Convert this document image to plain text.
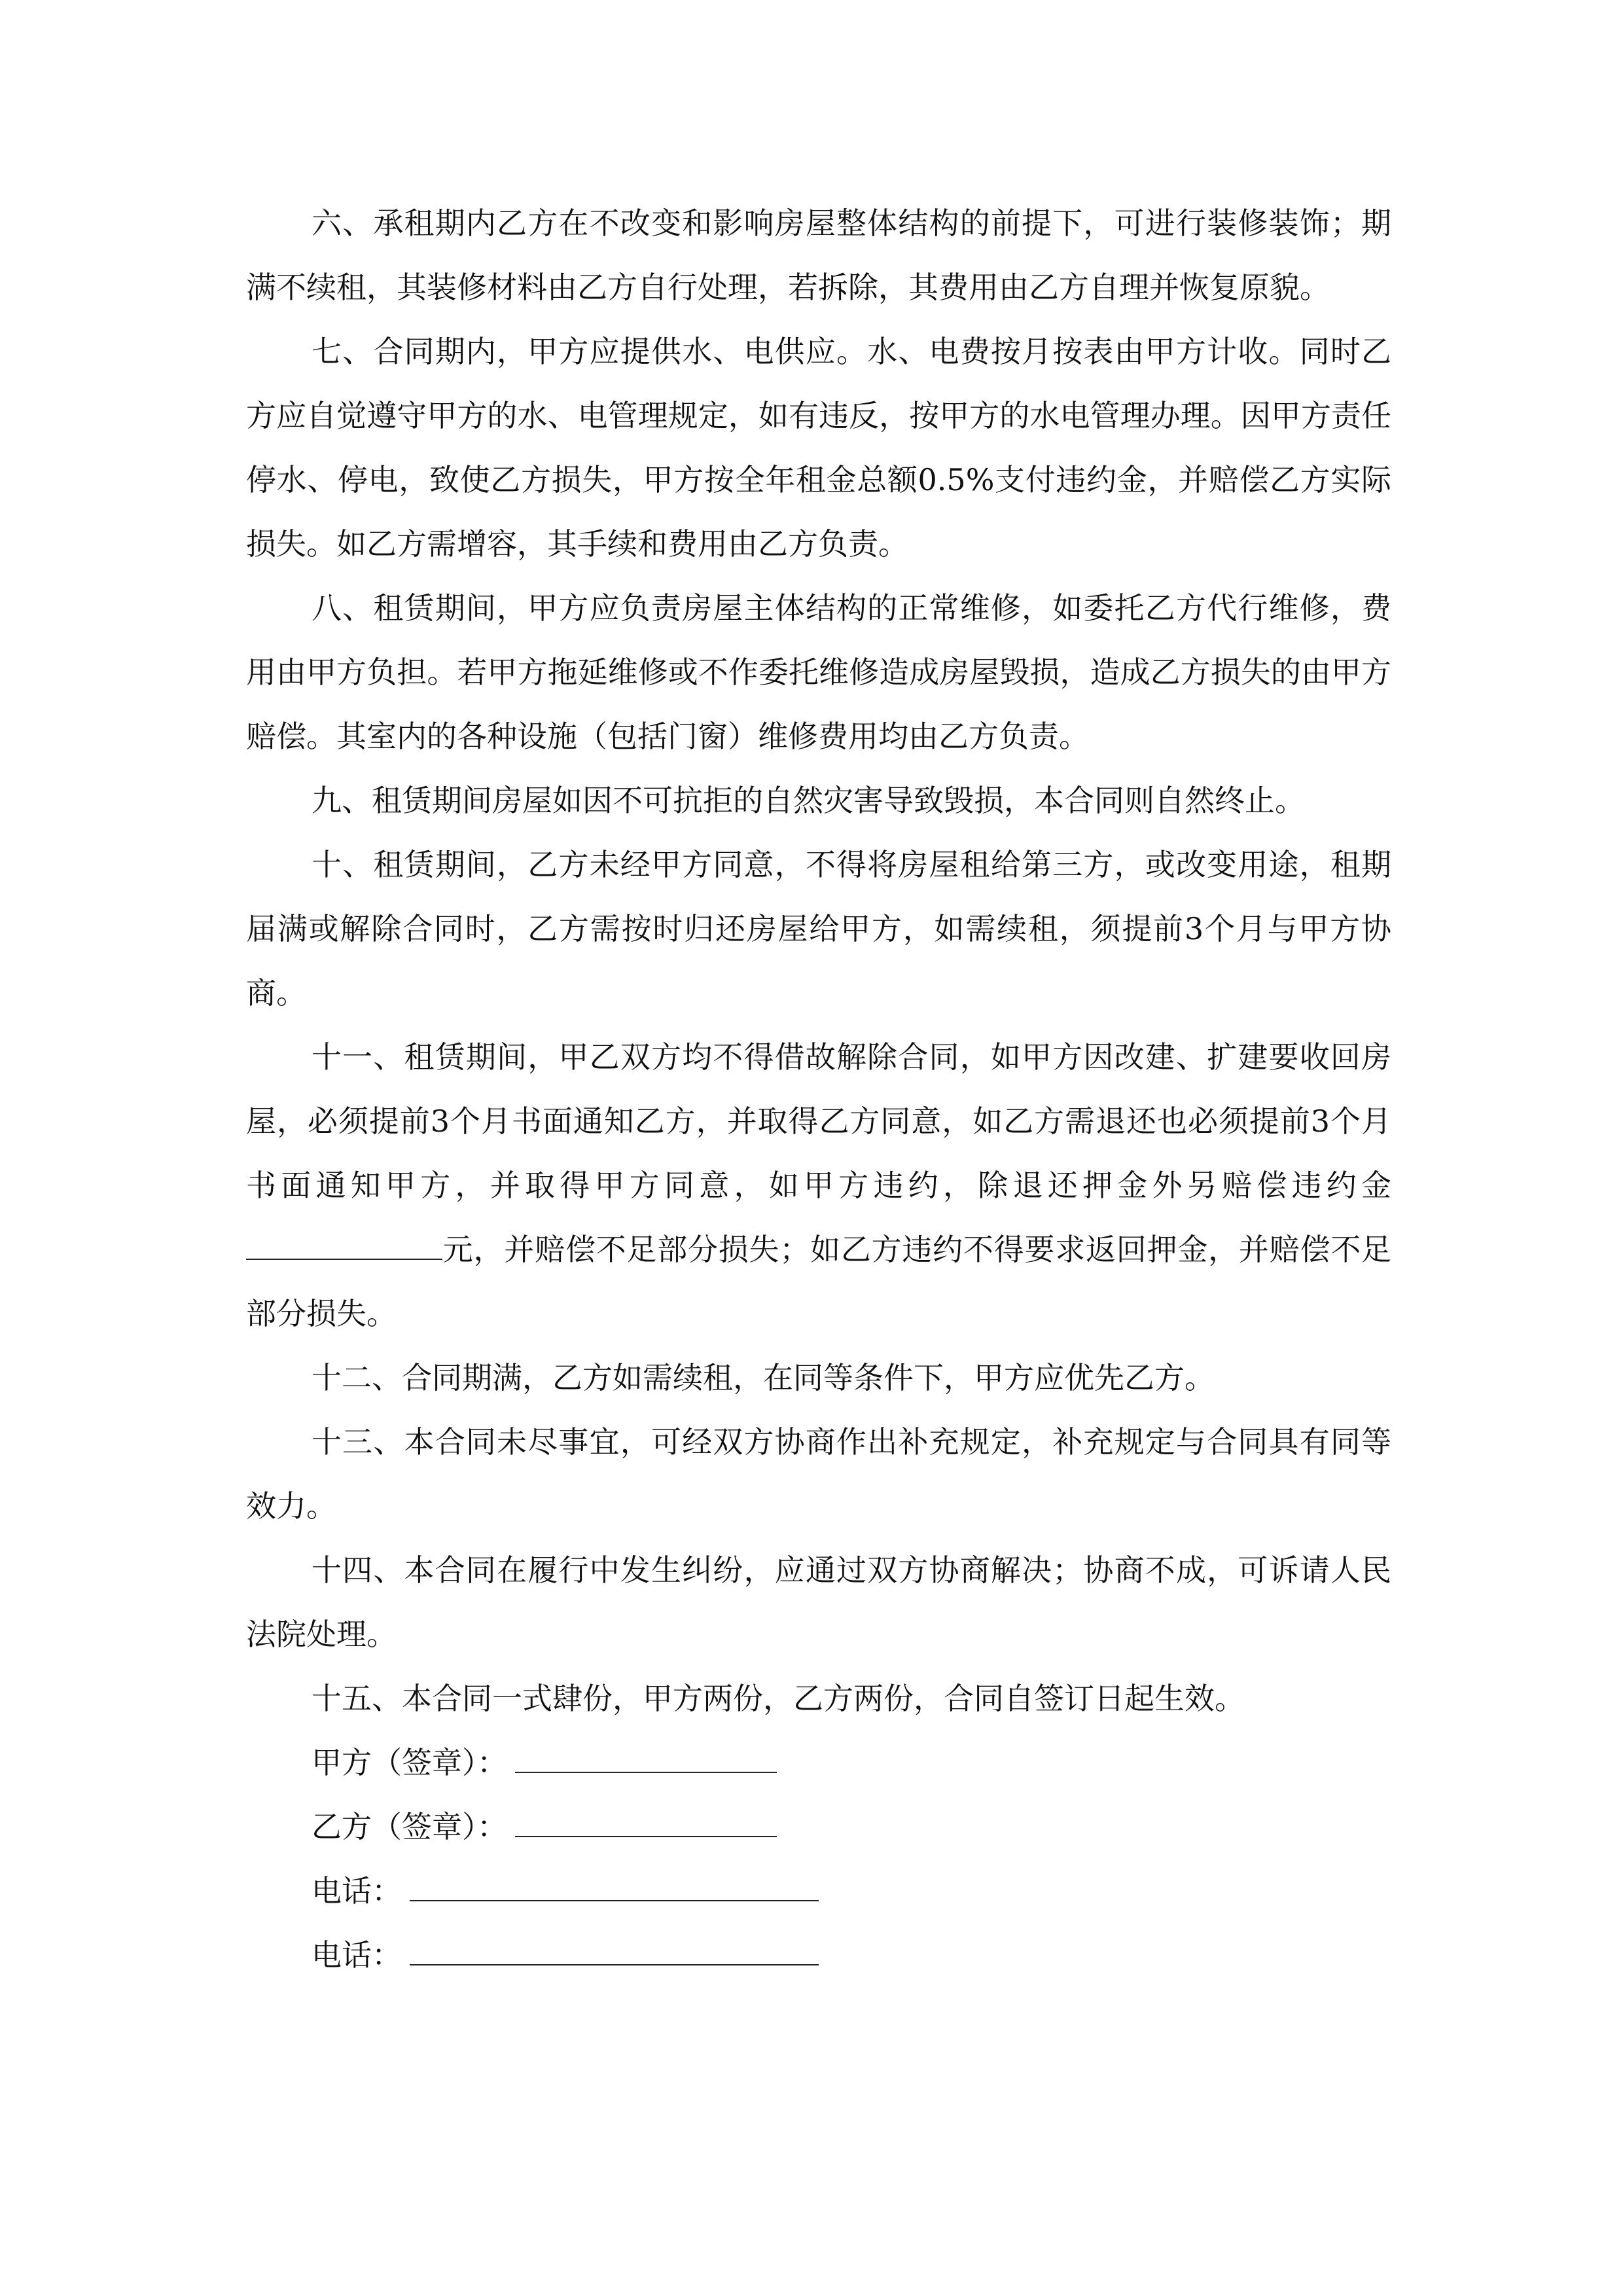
六、承租期内乙方在不改变和影响房屋整体结构的前提下，可进行装修装饰；期满不续租，其装修材料由乙方自行处理，若拆除，其费用由乙方自理并恢复原貌。

七、合同期内，甲方应提供水、电供应。水、电费按月按表由甲方计收。同时乙方应自觉遵守甲方的水、电管理规定，如有违反，按甲方的水电管理办理。因甲方责任停水、停电，致使乙方损失，甲方按全年租金总额0.5%支付违约金，并赔偿乙方实际损失。如乙方需增容，其手续和费用由乙方负责。

八、租赁期间，甲方应负责房屋主体结构的正常维修，如委托乙方代行维修，费用由甲方负担。若甲方拖延维修或不作委托维修造成房屋毁损，造成乙方损失的由甲方赔偿。其室内的各种设施（包括门窗）维修费用均由乙方负责。

九、租赁期间房屋如因不可抗拒的自然灾害导致毁损，本合同则自然终止。

十、租赁期间，乙方未经甲方同意，不得将房屋租给第三方，或改变用途，租期届满或解除合同时，乙方需按时归还房屋给甲方，如需续租，须提前3个月与甲方协商。

十一、租赁期间，甲乙双方均不得借故解除合同，如甲方因改建、扩建要收回房屋，必须提前3个月书面通知乙方，并取得乙方同意，如乙方需退还也必须提前3个月书面通知甲方，并取得甲方同意，如甲方违约，除退还押金外另赔偿违约金元，并赔偿不足部分损失；如乙方违约不得要求返回押金，并赔偿不足部分损失。

十二、合同期满，乙方如需续租，在同等条件下，甲方应优先乙方。

十三、本合同未尽事宜，可经双方协商作出补充规定，补充规定与合同具有同等效力。

十四、本合同在履行中发生纠纷，应通过双方协商解决；协商不成，可诉请人民法院处理。

十五、本合同一式肆份，甲方两份，乙方两份，合同自签订日起生效。

甲方（签章）：
乙方（签章）：
电话：
电话：
